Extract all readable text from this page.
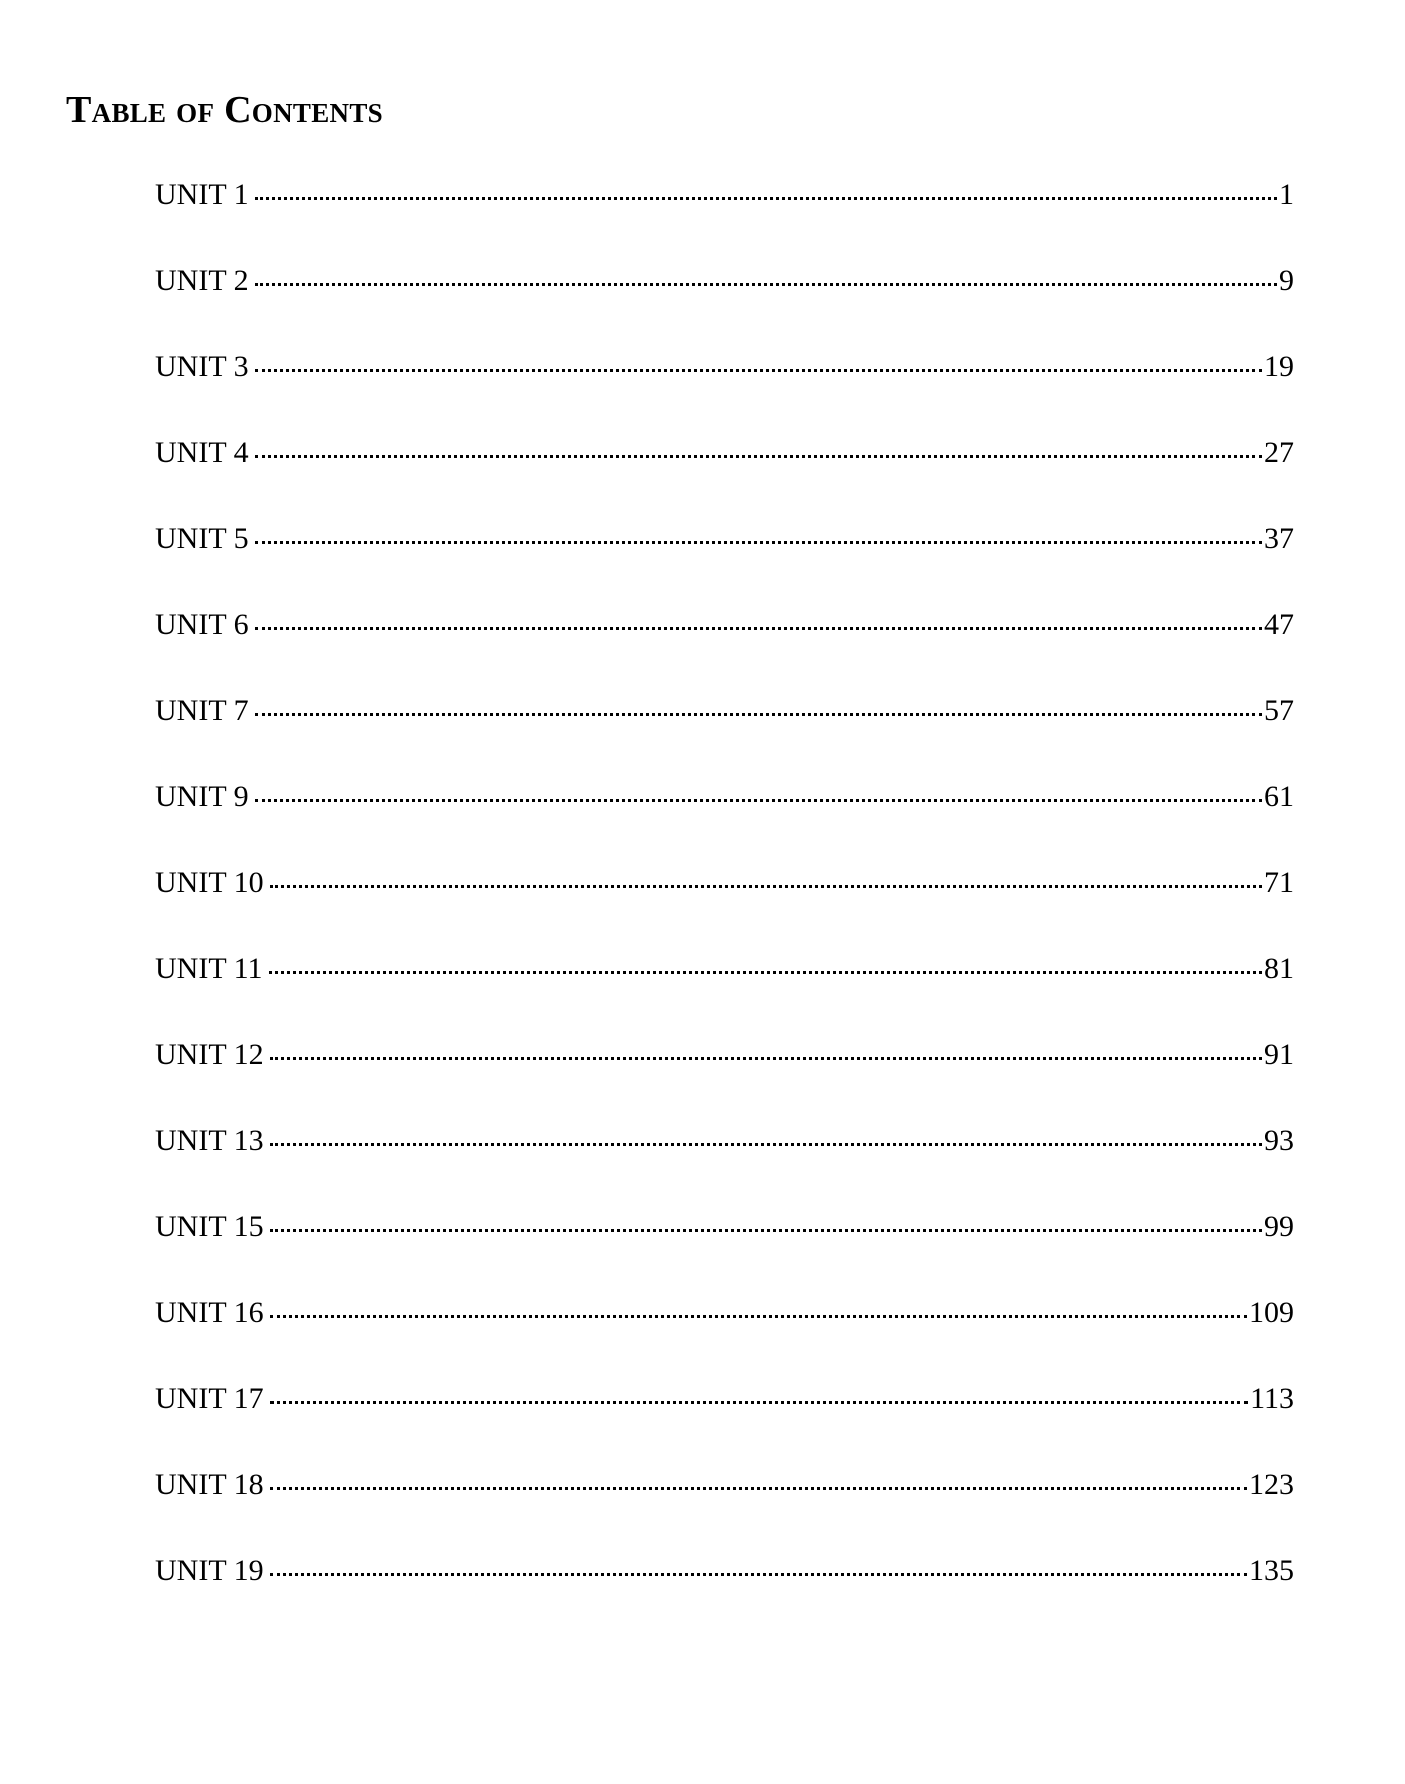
Table of Contents
UNIT 1	1
UNIT 2	9
UNIT 3	19
UNIT 4	27
UNIT 5	37
UNIT 6	47
UNIT 7	57
UNIT 9	61
UNIT 10	71
UNIT 11	81
UNIT 12	91
UNIT 13	93
UNIT 15	99
UNIT 16	109
UNIT 17	113
UNIT 18	123
UNIT 19	135
